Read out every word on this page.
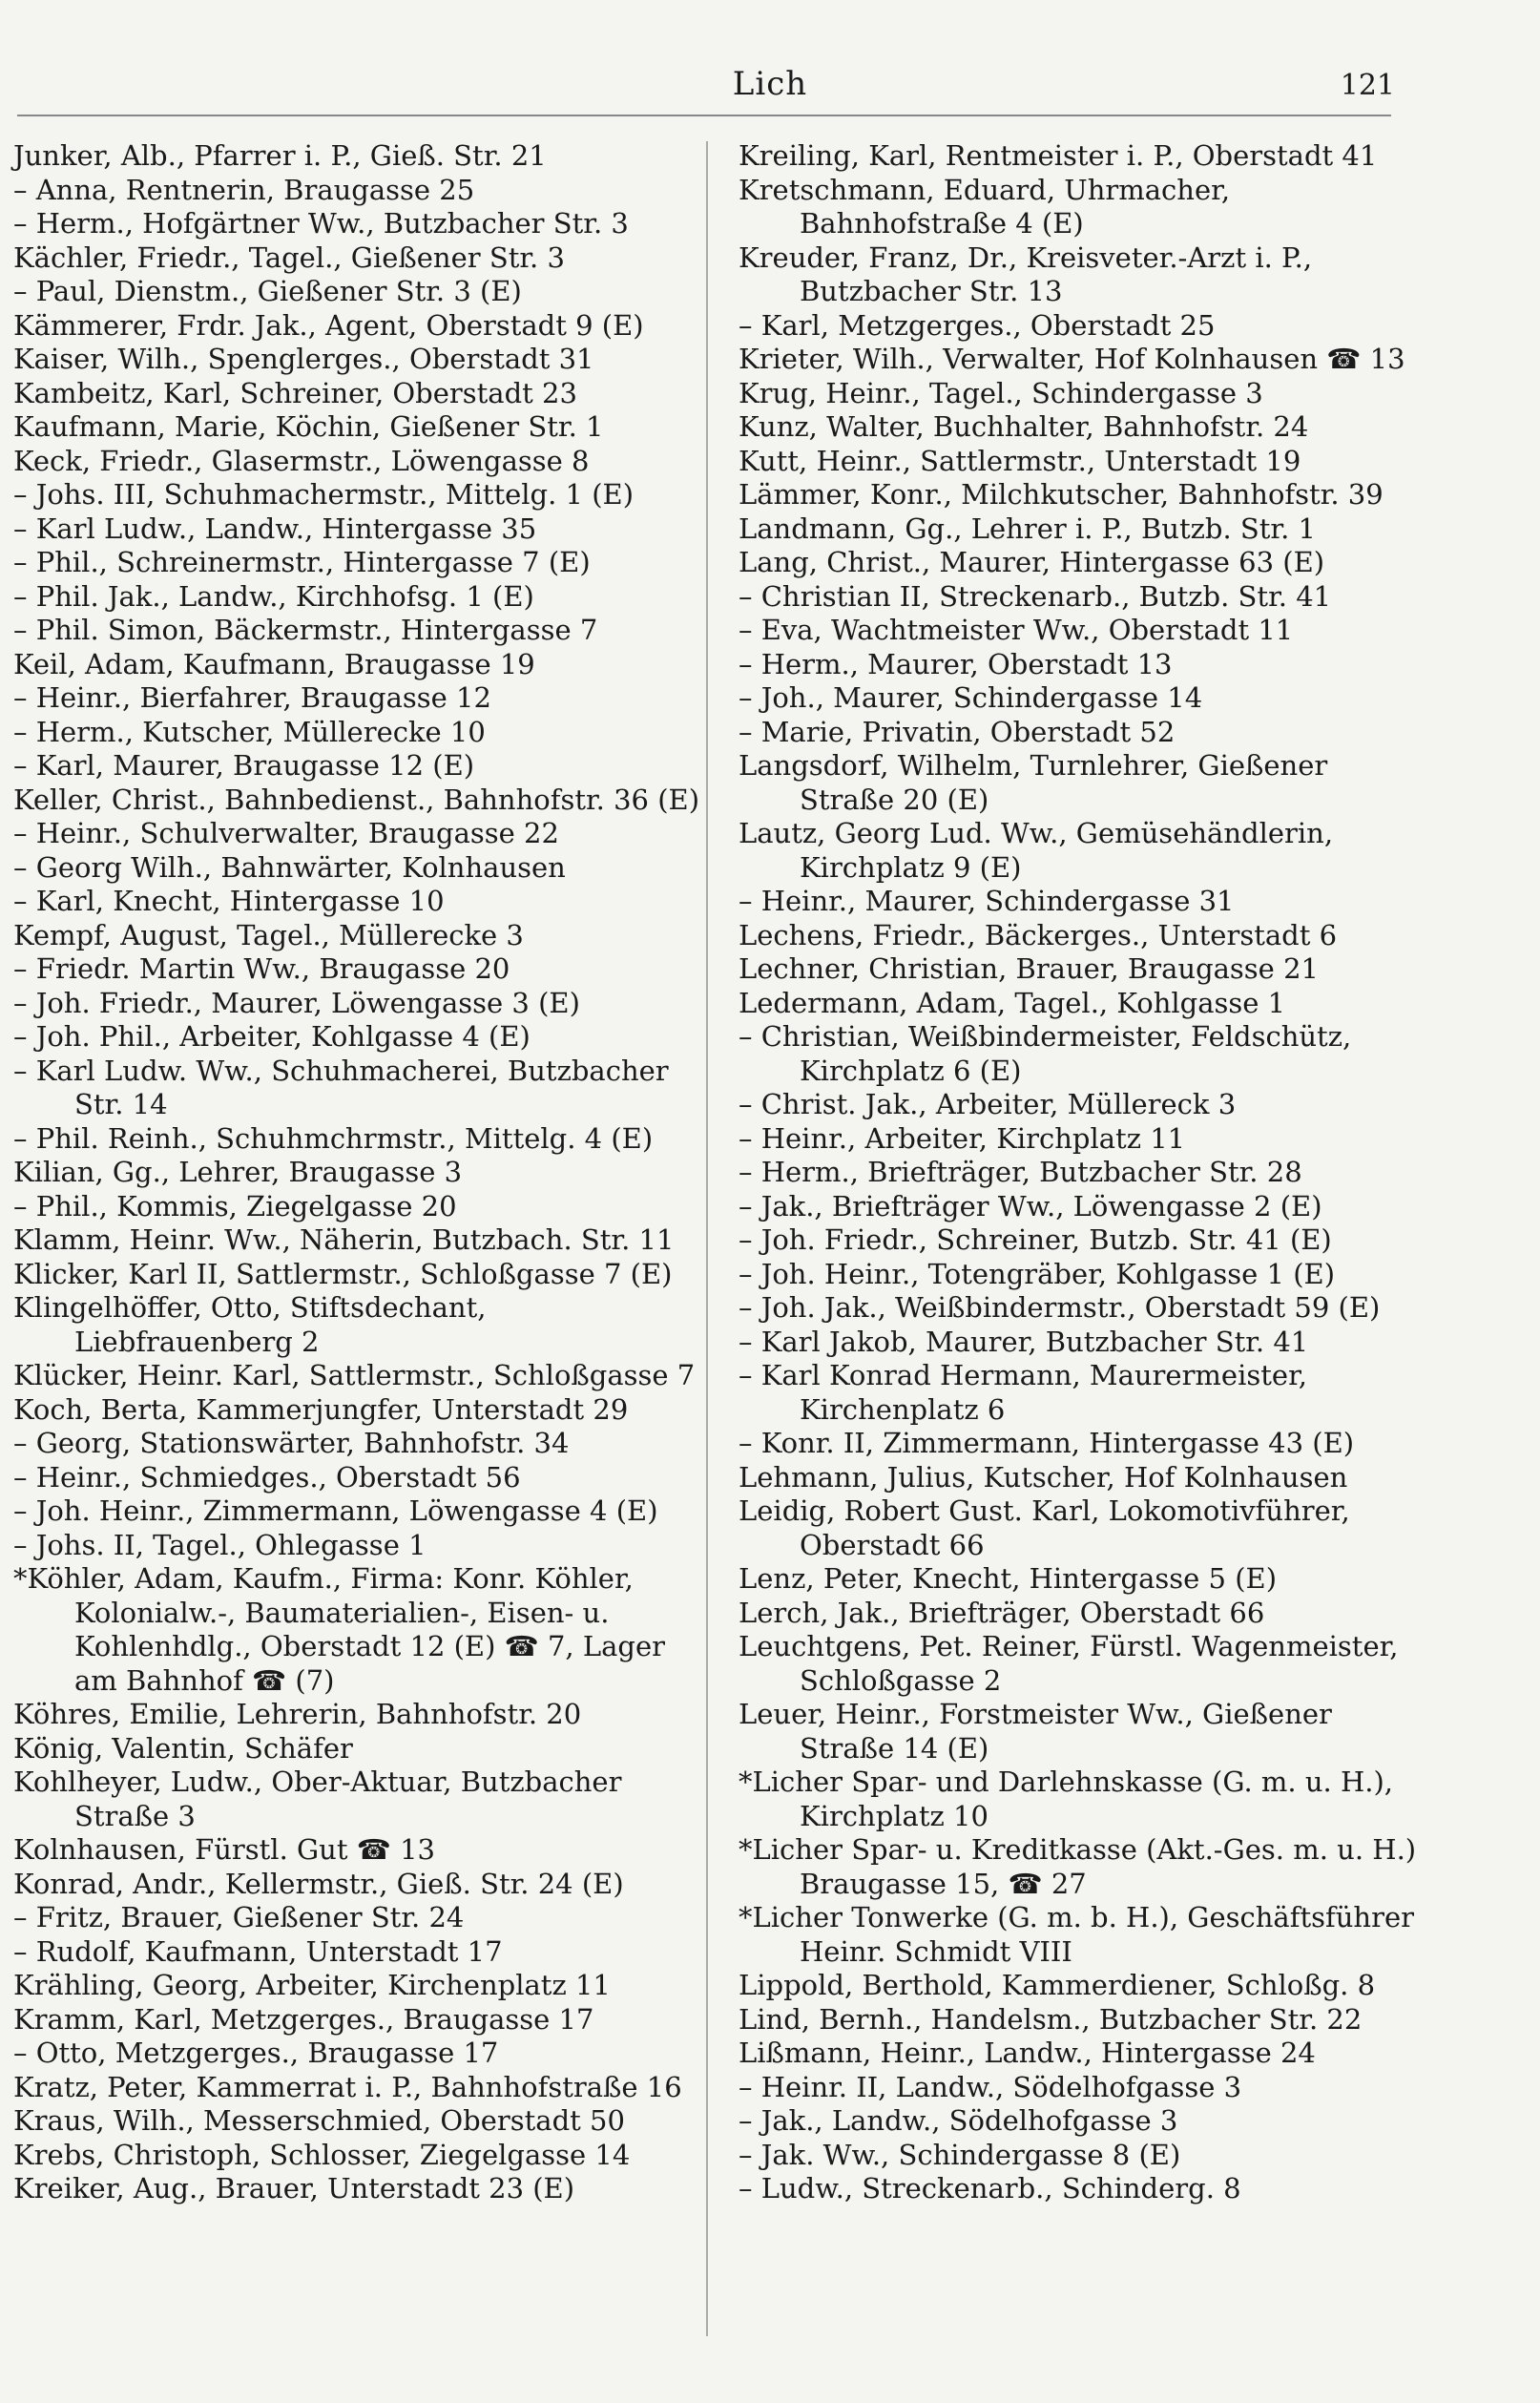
Lich	121

Junker, Alb., Pfarrer i. P., Gieß. Str. 21

– Anna, Rentnerin, Braugasse 25

– Herm., Hofgärtner Ww., Butzbacher Str. 3

Kächler, Friedr., Tagel., Gießener Str. 3

– Paul, Dienstm., Gießener Str. 3 (E)

Kämmerer, Frdr. Jak., Agent, Oberstadt 9 (E)

Kaiser, Wilh., Spenglerges., Oberstadt 31

Kambeitz, Karl, Schreiner, Oberstadt 23

Kaufmann, Marie, Köchin, Gießener Str. 1

Keck, Friedr., Glasermstr., Löwengasse 8

– Johs. III, Schuhmachermstr., Mittelg. 1 (E)

– Karl Ludw., Landw., Hintergasse 35

– Phil., Schreinermstr., Hintergasse 7 (E)

– Phil. Jak., Landw., Kirchhofsg. 1 (E)

– Phil. Simon, Bäckermstr., Hintergasse 7

Keil, Adam, Kaufmann, Braugasse 19

– Heinr., Bierfahrer, Braugasse 12

– Herm., Kutscher, Müllerecke 10

– Karl, Maurer, Braugasse 12 (E)

Keller, Christ., Bahnbedienst., Bahnhofstr. 36 (E)

– Heinr., Schulverwalter, Braugasse 22

– Georg Wilh., Bahnwärter, Kolnhausen

– Karl, Knecht, Hintergasse 10

Kempf, August, Tagel., Müllerecke 3

– Friedr. Martin Ww., Braugasse 20

– Joh. Friedr., Maurer, Löwengasse 3 (E)

– Joh. Phil., Arbeiter, Kohlgasse 4 (E)

– Karl Ludw. Ww., Schuhmacherei, Butzbacher Str. 14

– Phil. Reinh., Schuhmchrmstr., Mittelg. 4 (E)

Kilian, Gg., Lehrer, Braugasse 3

– Phil., Kommis, Ziegelgasse 20

Klamm, Heinr. Ww., Näherin, Butzbach. Str. 11

Klicker, Karl II, Sattlermstr., Schloßgasse 7 (E)

Klingelhöffer, Otto, Stiftsdechant, Liebfrauenberg 2

Klücker, Heinr. Karl, Sattlermstr., Schloßgasse 7

Koch, Berta, Kammerjungfer, Unterstadt 29

– Georg, Stationswärter, Bahnhofstr. 34

– Heinr., Schmiedges., Oberstadt 56

– Joh. Heinr., Zimmermann, Löwengasse 4 (E)

– Johs. II, Tagel., Ohlegasse 1

*Köhler, Adam, Kaufm., Firma: Konr. Köhler, Kolonialw.-, Baumaterialien-, Eisen- u. Kohlenhdlg., Oberstadt 12 (E) ☎ 7, Lager am Bahnhof ☎ (7)

Köhres, Emilie, Lehrerin, Bahnhofstr. 20

König, Valentin, Schäfer

Kohlheyer, Ludw., Ober-Aktuar, Butzbacher Straße 3

Kolnhausen, Fürstl. Gut ☎ 13

Konrad, Andr., Kellermstr., Gieß. Str. 24 (E)

– Fritz, Brauer, Gießener Str. 24

– Rudolf, Kaufmann, Unterstadt 17

Krähling, Georg, Arbeiter, Kirchenplatz 11

Kramm, Karl, Metzgerges., Braugasse 17

– Otto, Metzgerges., Braugasse 17

Kratz, Peter, Kammerrat i. P., Bahnhofstraße 16

Kraus, Wilh., Messerschmied, Oberstadt 50

Krebs, Christoph, Schlosser, Ziegelgasse 14

Kreiker, Aug., Brauer, Unterstadt 23 (E)

Kreiling, Karl, Rentmeister i. P., Oberstadt 41

Kretschmann, Eduard, Uhrmacher, Bahnhofstraße 4 (E)

Kreuder, Franz, Dr., Kreisveter.-Arzt i. P., Butzbacher Str. 13

– Karl, Metzgerges., Oberstadt 25

Krieter, Wilh., Verwalter, Hof Kolnhausen ☎ 13

Krug, Heinr., Tagel., Schindergasse 3

Kunz, Walter, Buchhalter, Bahnhofstr. 24

Kutt, Heinr., Sattlermstr., Unterstadt 19

Lämmer, Konr., Milchkutscher, Bahnhofstr. 39

Landmann, Gg., Lehrer i. P., Butzb. Str. 1

Lang, Christ., Maurer, Hintergasse 63 (E)

– Christian II, Streckenarb., Butzb. Str. 41

– Eva, Wachtmeister Ww., Oberstadt 11

– Herm., Maurer, Oberstadt 13

– Joh., Maurer, Schindergasse 14

– Marie, Privatin, Oberstadt 52

Langsdorf, Wilhelm, Turnlehrer, Gießener Straße 20 (E)

Lautz, Georg Lud. Ww., Gemüsehändlerin, Kirchplatz 9 (E)

– Heinr., Maurer, Schindergasse 31

Lechens, Friedr., Bäckerges., Unterstadt 6

Lechner, Christian, Brauer, Braugasse 21

Ledermann, Adam, Tagel., Kohlgasse 1

– Christian, Weißbindermeister, Feldschütz, Kirchplatz 6 (E)

– Christ. Jak., Arbeiter, Müllereck 3

– Heinr., Arbeiter, Kirchplatz 11

– Herm., Briefträger, Butzbacher Str. 28

– Jak., Briefträger Ww., Löwengasse 2 (E)

– Joh. Friedr., Schreiner, Butzb. Str. 41 (E)

– Joh. Heinr., Totengräber, Kohlgasse 1 (E)

– Joh. Jak., Weißbindermstr., Oberstadt 59 (E)

– Karl Jakob, Maurer, Butzbacher Str. 41

– Karl Konrad Hermann, Maurermeister, Kirchenplatz 6

– Konr. II, Zimmermann, Hintergasse 43 (E)

Lehmann, Julius, Kutscher, Hof Kolnhausen

Leidig, Robert Gust. Karl, Lokomotivführer, Oberstadt 66

Lenz, Peter, Knecht, Hintergasse 5 (E)

Lerch, Jak., Briefträger, Oberstadt 66

Leuchtgens, Pet. Reiner, Fürstl. Wagenmeister, Schloßgasse 2

Leuer, Heinr., Forstmeister Ww., Gießener Straße 14 (E)

*Licher Spar- und Darlehnskasse (G. m. u. H.), Kirchplatz 10

*Licher Spar- u. Kreditkasse (Akt.-Ges. m. u. H.) Braugasse 15, ☎ 27

*Licher Tonwerke (G. m. b. H.), Geschäftsführer Heinr. Schmidt VIII

Lippold, Berthold, Kammerdiener, Schloßg. 8

Lind, Bernh., Handelsm., Butzbacher Str. 22

Lißmann, Heinr., Landw., Hintergasse 24

– Heinr. II, Landw., Södelhofgasse 3

– Jak., Landw., Södelhofgasse 3

– Jak. Ww., Schindergasse 8 (E)

– Ludw., Streckenarb., Schinderg. 8
